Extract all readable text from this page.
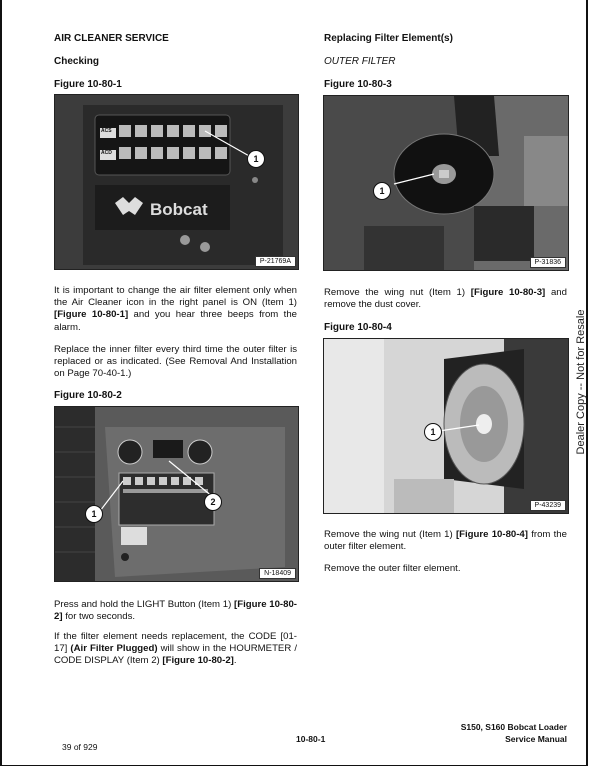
AIR CLEANER SERVICE
Checking
Figure 10-80-1
Bobcat
ACS
ACD
1
P-21769A
It is important to change the air filter element only when the Air Cleaner icon in the right panel is ON (Item 1) [Figure 10-80-1] and you hear three beeps from the alarm.
Replace the inner filter every third time the outer filter is replaced or as indicated. (See Removal And Installation on Page 70-40-1.)
Figure 10-80-2
1
2
N-18409
Press and hold the LIGHT Button (Item 1) [Figure 10-80-2] for two seconds.
If the filter element needs replacement, the CODE [01-17] (Air Filter Plugged) will show in the HOURMETER / CODE DISPLAY (Item 2) [Figure 10-80-2].
Replacing Filter Element(s)
OUTER FILTER
Figure 10-80-3
1
P-31836
Remove the wing nut (Item 1) [Figure 10-80-3] and remove the dust cover.
Figure 10-80-4
1
P-43239
Remove the wing nut (Item 1) [Figure 10-80-4] from the outer filter element.
Remove the outer filter element.
Dealer Copy -- Not for Resale
39 of 929
10-80-1
S150, S160 Bobcat Loader
Service Manual
